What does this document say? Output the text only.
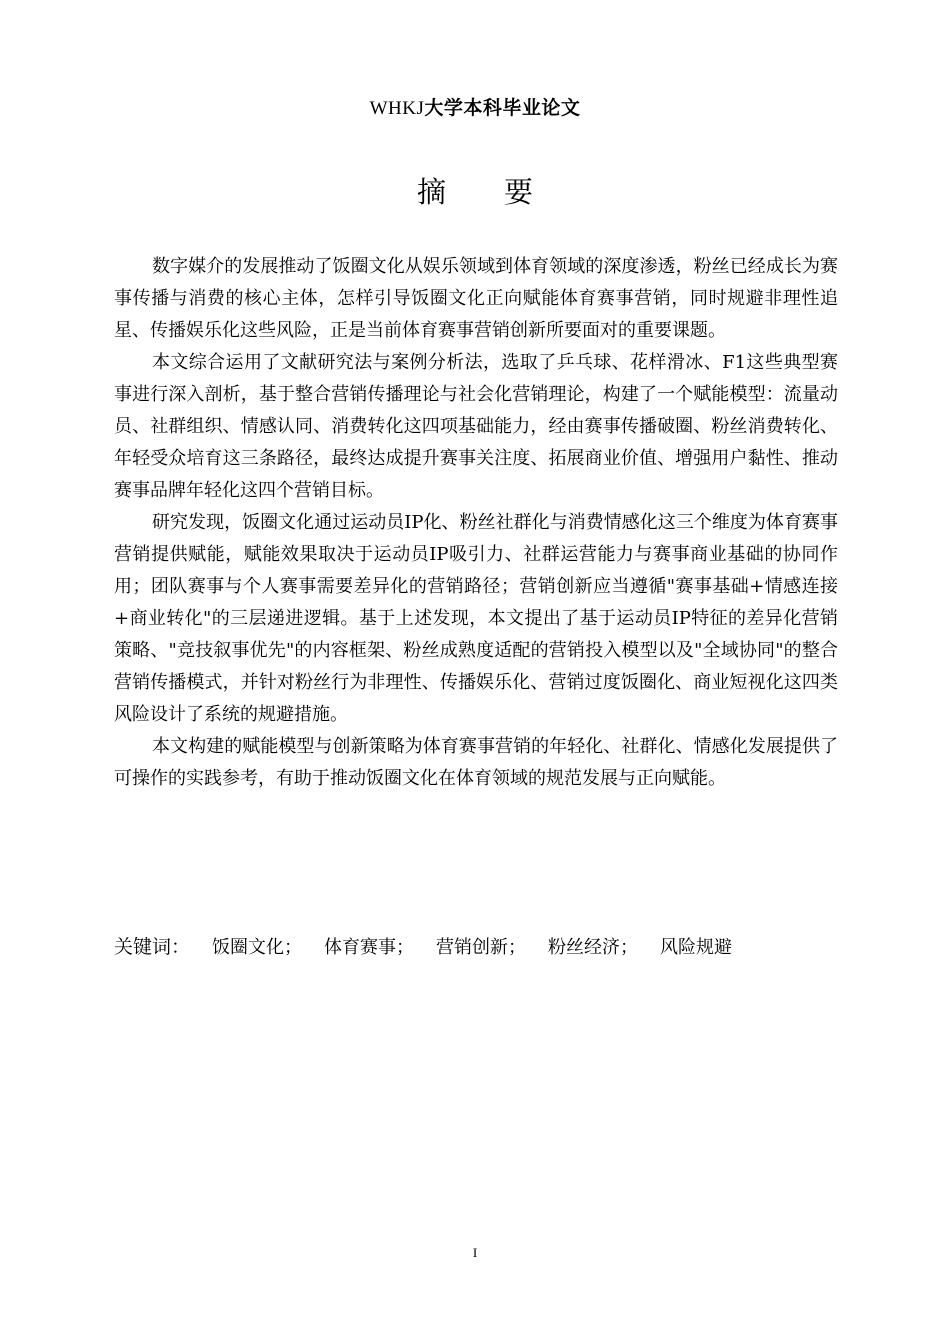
WHKJ大学本科毕业论文
摘要

数字媒介的发展推动了饭圈文化从娱乐领域到体育领域的深度渗透，粉丝已经成长为赛事传播与消费的核心主体，怎样引导饭圈文化正向赋能体育赛事营销，同时规避非理性追星、传播娱乐化这些风险，正是当前体育赛事营销创新所要面对的重要课题。

本文综合运用了文献研究法与案例分析法，选取了乒乓球、花样滑冰、F1这些典型赛事进行深入剖析，基于整合营销传播理论与社会化营销理论，构建了一个赋能模型：流量动员、社群组织、情感认同、消费转化这四项基础能力，经由赛事传播破圈、粉丝消费转化、年轻受众培育这三条路径，最终达成提升赛事关注度、拓展商业价值、增强用户黏性、推动赛事品牌年轻化这四个营销目标。

研究发现，饭圈文化通过运动员IP化、粉丝社群化与消费情感化这三个维度为体育赛事营销提供赋能，赋能效果取决于运动员IP吸引力、社群运营能力与赛事商业基础的协同作用；团队赛事与个人赛事需要差异化的营销路径；营销创新应当遵循"赛事基础+情感连接+商业转化"的三层递进逻辑。基于上述发现，本文提出了基于运动员IP特征的差异化营销策略、"竞技叙事优先"的内容框架、粉丝成熟度适配的营销投入模型以及"全域协同"的整合营销传播模式，并针对粉丝行为非理性、传播娱乐化、营销过度饭圈化、商业短视化这四类风险设计了系统的规避措施。

本文构建的赋能模型与创新策略为体育赛事营销的年轻化、社群化、情感化发展提供了可操作的实践参考，有助于推动饭圈文化在体育领域的规范发展与正向赋能。

关键词： 饭圈文化； 体育赛事； 营销创新； 粉丝经济； 风险规避
I
